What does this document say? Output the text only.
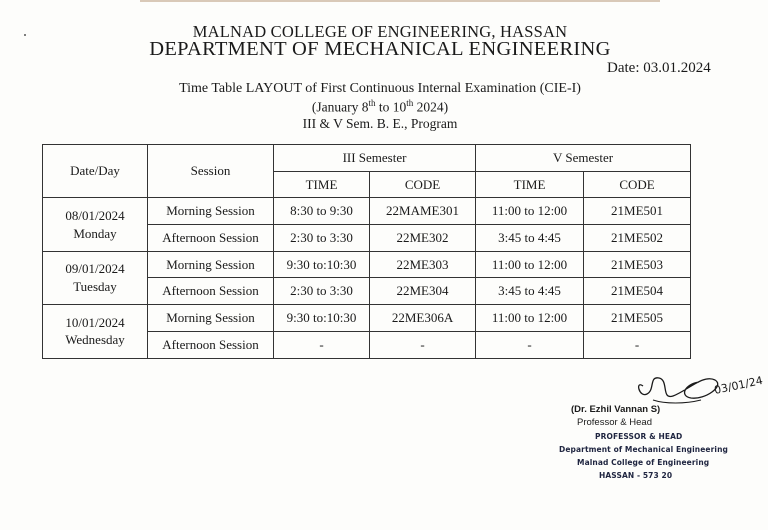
MALNAD COLLEGE OF ENGINEERING, HASSAN
DEPARTMENT OF MECHANICAL ENGINEERING
Date: 03.01.2024
Time Table LAYOUT of First Continuous Internal Examination (CIE-I)
(January 8th to 10th 2024)
III & V Sem. B. E., Program
Date/Day	Session	III Semester		V Semester	
		TIME	CODE	TIME	CODE
08/01/2024
Monday	Morning Session	8:30 to 9:30	22MAME301	11:00 to 12:00	21ME501
	Afternoon Session	2:30 to 3:30	22ME302	3:45 to 4:45	21ME502
09/01/2024
Tuesday	Morning Session	9:30 to:10:30	22ME303	11:00 to 12:00	21ME503
	Afternoon Session	2:30 to 3:30	22ME304	3:45 to 4:45	21ME504
10/01/2024
Wednesday	Morning Session	9:30 to:10:30	22ME306A	11:00 to 12:00	21ME505
	Afternoon Session	-	-	-	-
03/01/24
(Dr. Ezhil Vannan S)
Professor & Head
PROFESSOR & HEAD
Department of Mechanical Engineering
Malnad College of Engineering
HASSAN - 573 20
